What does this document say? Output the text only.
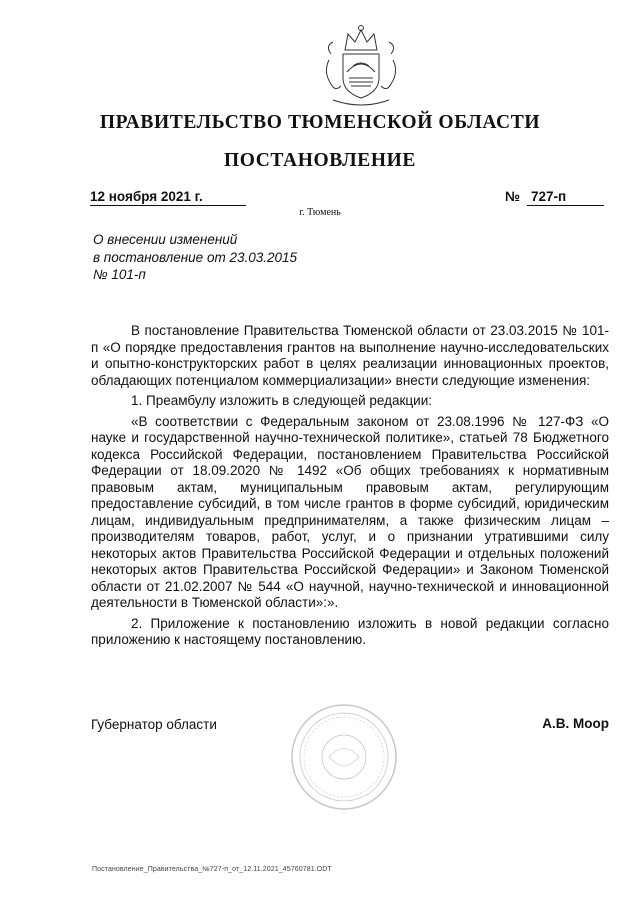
ПРАВИТЕЛЬСТВО ТЮМЕНСКОЙ ОБЛАСТИ
ПОСТАНОВЛЕНИЕ
12 ноября 2021 г.
г. Тюмень
№ 727-п
О внесении изменений
в постановление от 23.03.2015
№ 101-п

В постановление Правительства Тюменской области от 23.03.2015 № 101-п «О порядке предоставления грантов на выполнение научно-исследовательских и опытно-конструкторских работ в целях реализации инновационных проектов, обладающих потенциалом коммерциализации» внести следующие изменения:

1. Преамбулу изложить в следующей редакции:

«В соответствии с Федеральным законом от 23.08.1996 № 127-ФЗ «О науке и государственной научно-технической политике», статьей 78 Бюджетного кодекса Российской Федерации, постановлением Правительства Российской Федерации от 18.09.2020 № 1492 «Об общих требованиях к нормативным правовым актам, муниципальным правовым актам, регулирующим предоставление субсидий, в том числе грантов в форме субсидий, юридическим лицам, индивидуальным предпринимателям, а также физическим лицам – производителям товаров, работ, услуг, и о признании утратившими силу некоторых актов Правительства Российской Федерации и отдельных положений некоторых актов Правительства Российской Федерации» и Законом Тюменской области от 21.02.2007 № 544 «О научной, научно-технической и инновационной деятельности в Тюменской области»:».

2. Приложение к постановлению изложить в новой редакции согласно приложению к настоящему постановлению.

Губернатор области	А.В. Моор
Постановление_Правительства_№727-п_от_12.11.2021_45760781.ODT
